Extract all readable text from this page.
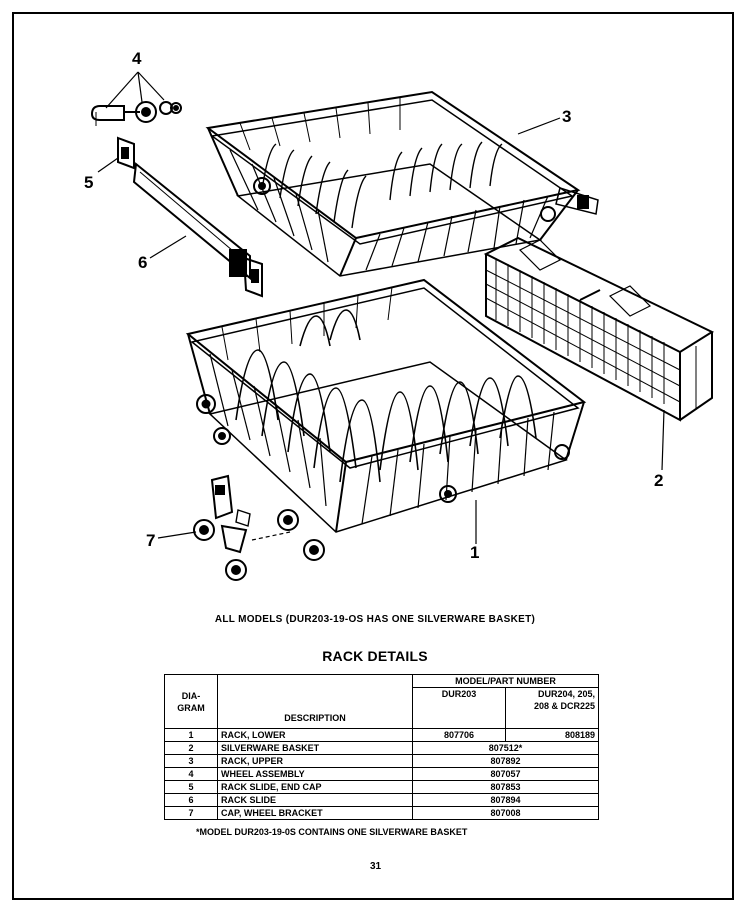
4
5
6
3
2
1
7
ALL MODELS (DUR203-19-OS HAS ONE SILVERWARE BASKET)
RACK DETAILS
DIA-
GRAM	DESCRIPTION	MODEL/PART NUMBER	
		DUR203	DUR204, 205,
208 & DCR225
1	RACK, LOWER	807706	808189
2	SILVERWARE BASKET	807512*	
3	RACK, UPPER	807892	
4	WHEEL ASSEMBLY	807057	
5	RACK SLIDE, END CAP	807853	
6	RACK SLIDE	807894	
7	CAP, WHEEL BRACKET	807008	
*MODEL DUR203-19-0S CONTAINS ONE SILVERWARE BASKET
31
